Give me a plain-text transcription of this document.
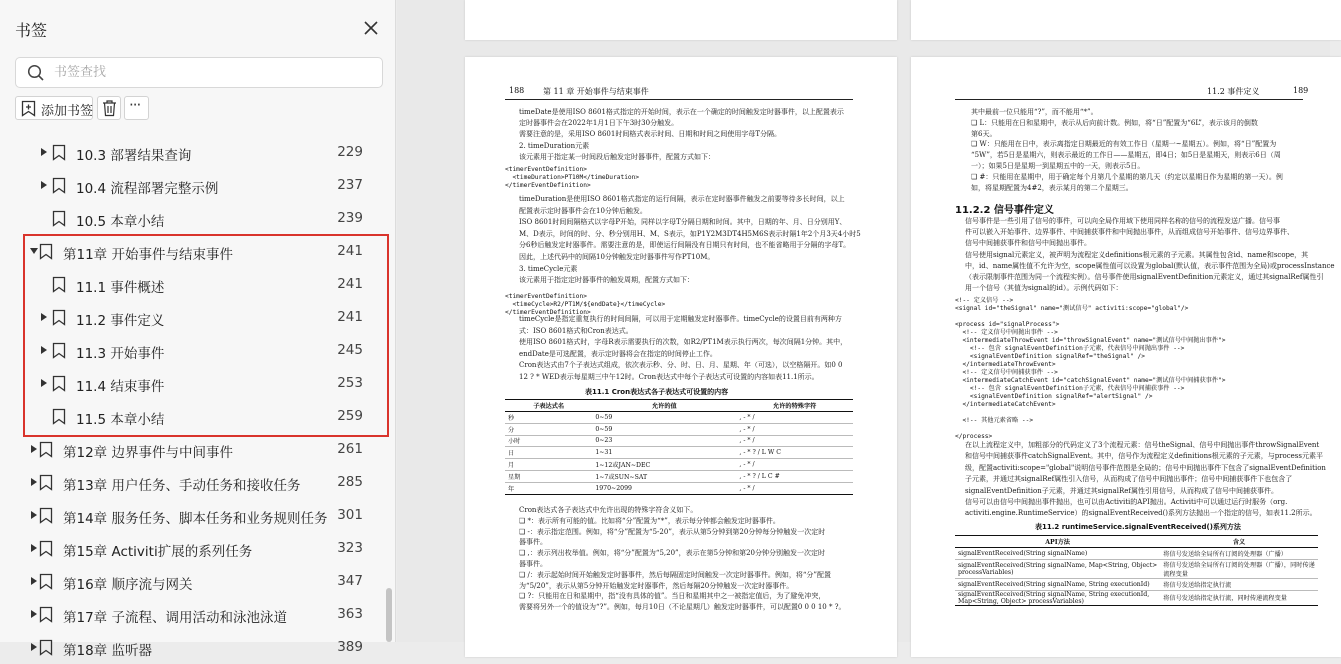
书签
书签查找
添加书签 ···
10.3 部署结果查询	229
10.4 流程部署完整示例	237
10.5 本章小结	239
第11章 开始事件与结束事件	241
11.1 事件概述	241
11.2 事件定义	241
11.3 开始事件	245
11.4 结束事件	253
11.5 本章小结	259
第12章 边界事件与中间事件	261
第13章 用户任务、手动任务和接收任务	285
第14章 服务任务、脚本任务和业务规则任务 301
第15章 Activiti扩展的系列任务	323
第16章 顺序流与网关	347
第17章 子流程、调用活动和泳池泳道	363
第18章 监听器	389
188 第 11 章 开始事件与结束事件
timeDate是使用ISO 8601格式指定的开始时间，表示在一个确定的时间触发定时器事件，以上配置表示
定时器事件会在2022年1月1日下午3时30分触发。
需要注意的是，采用ISO 8601时间格式表示时间、日期和时间之间使用字母T分隔。
2. timeDuration元素
该元素用于指定某一时间段后触发定时器事件，配置方式如下：
<timerEventDefinition>
<timeDuration>PT10M</timeDuration>
</timerEventDefinition>
timeDuration是使用ISO 8601格式指定的运行间隔，表示在定时器事件触发之前要等待多长时间，以上
配置表示定时器事件会在10分钟后触发。
ISO 8601时间间隔格式以字母P开始，同样以字母T分隔日期和时间。其中，日期的年、月、日分别用Y、
M、D表示，时间的时、分、秒分别用H、M、S表示，如P1Y2M3DT4H5M6S表示时隔1年2个月3天4小时5
分6秒后触发定时器事件。需要注意的是，即使运行间隔没有日期只有时间，也不能省略用于分隔的字母T。
因此，上述代码中的间隔10分钟触发定时器事件写作PT10M。
3. timeCycle元素
该元素用于指定定时器事件的触发周期，配置方式如下：
<timerEventDefinition>
<timeCycle>R2/PT1M/${endDate}</timeCycle>
</timerEventDefinition>
timeCycle是指定重复执行的时间间隔，可以用于定期触发定时器事件。timeCycle的设置目前有两种方
式：ISO 8601格式和Cron表达式。
使用ISO 8601格式时，字母R表示需要执行的次数，如R2/PT1M表示执行两次，每次间隔1分钟。其中，
endDate是可选配置，表示定时器将会在指定的时间停止工作。
Cron表达式由7个子表达式组成，依次表示秒、分、时、日、月、星期、年（可选），以空格隔开。如0 0
12 ? * WED表示每星期三中午12时。Cron表达式中每个子表达式可设置的内容如表11.1所示。
表11.1 Cron表达式各子表达式可设置的内容
子表达式名	允许的值	允许的特殊字符
秒	0~59	, - * /
分	0~59	, - * /
小时	0~23	, - * /
日	1~31	, - * ? / L W C
月	1~12或JAN~DEC	, - * /
星期	1~7或SUN~SAT	, - * ? / L C #
年	1970~2099	, - * /
Cron表达式各子表达式中允许出现的特殊字符含义如下。
❑ *：表示所有可能的值。比如将“分”配置为“*”，表示每分钟都会触发定时器事件。
❑ -：表示指定范围。例如，将“分”配置为“5-20”，表示从第5分钟到第20分钟每分钟触发一次定时
器事件。
❑ ,：表示列出枚举值。例如，将“分”配置为“5,20”，表示在第5分钟和第20分钟分别触发一次定时
器事件。
❑ /：表示起始时间开始触发定时器事件，然后每隔固定时间触发一次定时器事件。例如，将“分”配置
为“5/20”，表示从第5分钟开始触发定时器事件，然后每隔20分钟触发一次定时器事件。
❑ ?：只能用在日和星期中，指“没有具体的值”。当日和星期其中之一被指定值后，为了避免冲突，
需要将另外一个的值设为“?”。例如，每月10日（不论星期几）触发定时器事件，可以配置0 0 0 10 * ?。
11.2 事件定义	189
其中最前一位只能用“?”，而不能用“*”。
❑ L：只能用在日和星期中，表示从后向前计数。例如，将“日”配置为“6L”，表示该月的倒数
第6天。
❑ W：只能用在日中，表示离指定日期最近的有效工作日（星期一~星期五）。例如，将“日”配置为
“5W”，若5日是星期六，则表示最近的工作日——星期五，即4日；如5日是星期天，则表示6日（周
一）；如果5日是星期一到星期五中的一天，则表示5日。
❑ #：只能用在星期中，用于确定每个月第几个星期的第几天（约定以星期日作为星期的第一天）。例
如，将星期配置为4#2，表示某月的第二个星期三。
11.2.2 信号事件定义
信号事件是一些引用了信号的事件，可以向全局作用域下使用同样名称的信号的流程发送广播。信号事
件可以嵌入开始事件、边界事件、中间捕获事件和中间抛出事件，从而组成信号开始事件、信号边界事件、
信号中间捕获事件和信号中间抛出事件。
信号使用signal元素定义，被声明为流程定义definitions根元素的子元素。其属性包含id、name和scope，其
中，id、name属性值不允许为空，scope属性值可以设置为global(默认值，表示事件范围为全局)或processInstance
（表示限制事件范围为同一个流程实例）。信号事件使用signalEventDefinition元素定义，通过其signalRef属性引
用一个信号（其值为signal的id）。示例代码如下：
<!-- 定义信号 -->
<signal id="theSignal" name="测试信号" activiti:scope="global"/>

<process id="signalProcess">
<!-- 定义信号中间抛出事件 -->
<intermediateThrowEvent id="throwSignalEvent" name="测试信号中间抛出事件">
<!-- 包含 signalEventDefinition子元素，代表信号中间抛出事件 -->
<signalEventDefinition signalRef="theSignal" />
</intermediateThrowEvent>
<!-- 定义信号中间捕获事件 -->
<intermediateCatchEvent id="catchSignalEvent" name="测试信号中间捕获事件">
<!-- 包含 signalEventDefinition子元素，代表信号中间捕获事件 -->
<signalEventDefinition signalRef="alertSignal" />
</intermediateCatchEvent>

<!-- 其他元素省略 -->

</process>
在以上流程定义中，加粗部分的代码定义了3个流程元素：信号theSignal、信号中间抛出事件throwSignalEvent
和信号中间捕获事件catchSignalEvent。其中，信号作为流程定义definitions根元素的子元素，与process元素平
级，配置activiti:scope="global"说明信号事件范围是全局的；信号中间抛出事件下包含了signalEventDefinition
子元素，并通过其signalRef属性引入信号，从而构成了信号中间抛出事件；信号中间捕获事件下也包含了
signalEventDefinition子元素，并通过其signalRef属性引用信号，从而构成了信号中间捕获事件。
信号可以由信号中间抛出事件抛出，也可以由Activiti的API抛出。Activiti中可以通过运行时服务（org.
activiti.engine.RuntimeService）的signalEventReceived()系列方法抛出一个指定的信号，如表11.2所示。
表11.2 runtimeService.signalEventReceived()系列方法
API方法	含义
signalEventReceived(String signalName)	将信号发送给全局所有订阅的处理器（广播）
signalEventReceived(String signalName, Map<String, Object>
processVariables)	将信号发送给全局所有订阅的处理器（广播），同时传递
流程变量
signalEventReceived(String signalName, String executionId)	将信号发送给指定执行流
signalEventReceived(String signalName, String executionId,
Map<String, Object> processVariables)	将信号发送给指定执行流，同时传递流程变量
